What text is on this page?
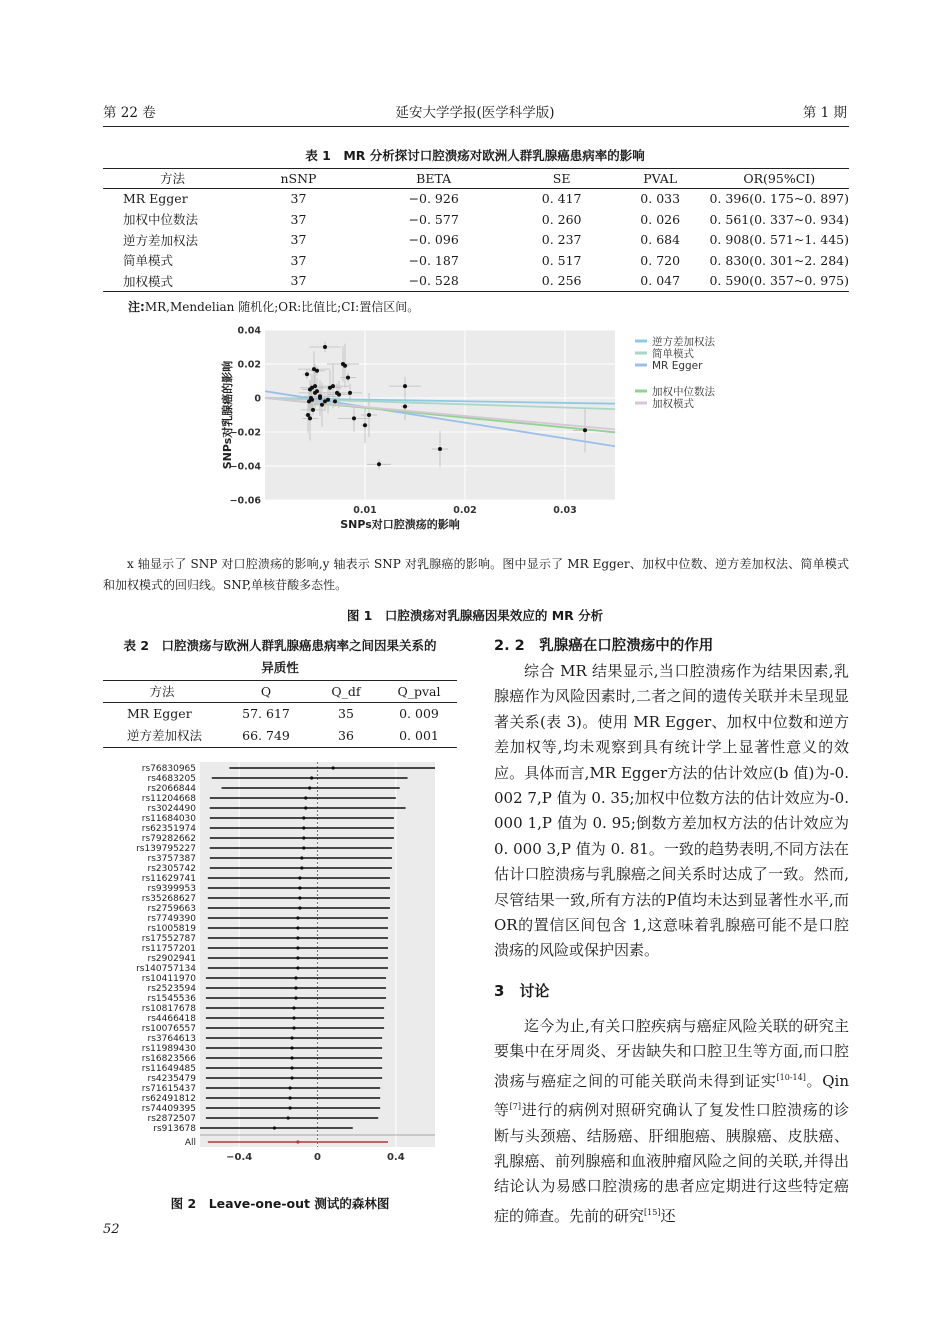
第 22 卷	延安大学学报(医学科学版)	第 1 期
表 1　MR 分析探讨口腔溃疡对欧洲人群乳腺癌患病率的影响
方法	nSNP	BETA	SE	PVAL	OR(95%CI)
MR Egger	37	−0. 926	0. 417	0. 033	0. 396(0. 175~0. 897)
加权中位数法	37	−0. 577	0. 260	0. 026	0. 561(0. 337~0. 934)
逆方差加权法	37	−0. 096	0. 237	0. 684	0. 908(0. 571~1. 445)
简单模式	37	−0. 187	0. 517	0. 720	0. 830(0. 301~2. 284)
加权模式	37	−0. 528	0. 256	0. 047	0. 590(0. 357~0. 975)
注:MR,Mendelian 随机化;OR:比值比;CI:置信区间。
0.01	0.02	0.03
0.04
0.02
0
−0.02
−0.04
−0.06
逆方差加权法
简单模式
MR Egger
加权中位数法
加权模式
SNPs对口腔溃疡的影响
SNPs对乳腺癌的影响
x 轴显示了 SNP 对口腔溃疡的影响,y 轴表示 SNP 对乳腺癌的影响。图中显示了 MR Egger、加权中位数、逆方差加权法、简单模式和加权模式的回归线。SNP,单核苷酸多态性。
图 1　口腔溃疡对乳腺癌因果效应的 MR 分析
表 2　口腔溃疡与欧洲人群乳腺癌患病率之间因果关系的
异质性
方法	Q	Q_df	Q_pval
MR Egger	57. 617	35	0. 009
逆方差加权法	66. 749	36	0. 001
rs76830965
rs4683205
rs2066844
rs11204668
rs3024490
rs11684030
rs62351974
rs79282662
rs139795227
rs3757387
rs2305742
rs11629741
rs9399953
rs35268627
rs2759663
rs7749390
rs1005819
rs17552787
rs11757201
rs2902941
rs140757134
rs10411970
rs2523594
rs1545536
rs10817678
rs4466418
rs10076557
rs3764613
rs11989430
rs16823566
rs11649485
rs4235479
rs71615437
rs62491812
rs74409395
rs2872507
rs913678
All
−0.4	0	0.4
图 2　Leave-one-out 测试的森林图
2. 2　乳腺癌在口腔溃疡中的作用

综合 MR 结果显示,当口腔溃疡作为结果因素,乳腺癌作为风险因素时,二者之间的遗传关联并未呈现显著关系(表 3)。使用 MR Egger、加权中位数和逆方差加权等,均未观察到具有统计学上显著性意义的效应。具体而言,MR Egger方法的估计效应(b 值)为-0. 002 7,P 值为 0. 35;加权中位数方法的估计效应为-0. 000 1,P 值为 0. 95;倒数方差加权方法的估计效应为 0. 000 3,P 值为 0. 81。一致的趋势表明,不同方法在估计口腔溃疡与乳腺癌之间关系时达成了一致。然而,尽管结果一致,所有方法的P值均未达到显著性水平,而OR的置信区间包含 1,这意味着乳腺癌可能不是口腔溃疡的风险或保护因素。

3　讨论

迄今为止,有关口腔疾病与癌症风险关联的研究主要集中在牙周炎、牙齿缺失和口腔卫生等方面,而口腔溃疡与癌症之间的可能关联尚未得到证实[10-14]。Qin 等[7]进行的病例对照研究确认了复发性口腔溃疡的诊断与头颈癌、结肠癌、肝细胞癌、胰腺癌、皮肤癌、乳腺癌、前列腺癌和血液肿瘤风险之间的关联,并得出结论认为易感口腔溃疡的患者应定期进行这些特定癌症的筛查。先前的研究[15]还

52
